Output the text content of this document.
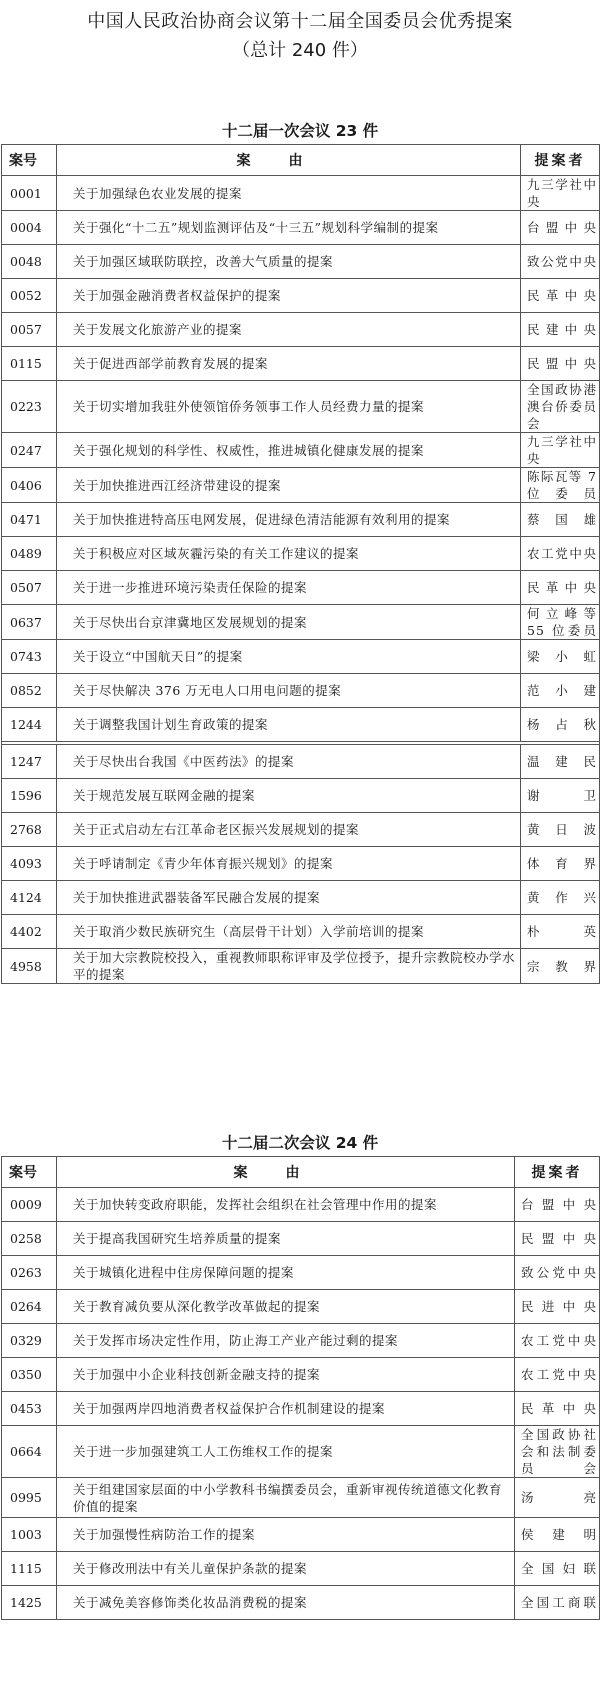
中国人民政治协商会议第十二届全国委员会优秀提案
（总计 240 件）
十二届一次会议 23 件
案号	案由	提案者
0001	关于加强绿色农业发展的提案	九三学社中央
0004	关于强化“十二五”规划监测评估及“十三五”规划科学编制的提案	台盟中央
0048	关于加强区域联防联控，改善大气质量的提案	致公党中央
0052	关于加强金融消费者权益保护的提案	民革中央
0057	关于发展文化旅游产业的提案	民建中央
0115	关于促进西部学前教育发展的提案	民盟中央
0223	关于切实增加我驻外使领馆侨务领事工作人员经费力量的提案	全国政协港澳台侨委员会
0247	关于强化规划的科学性、权威性，推进城镇化健康发展的提案	九三学社中央
0406	关于加快推进西江经济带建设的提案	陈际瓦等 7 位委员
0471	关于加快推进特高压电网发展，促进绿色清洁能源有效利用的提案	蔡国雄
0489	关于积极应对区域灰霾污染的有关工作建议的提案	农工党中央
0507	关于进一步推进环境污染责任保险的提案	民革中央
0637	关于尽快出台京津冀地区发展规划的提案	何立峰等 55 位委员
0743	关于设立“中国航天日”的提案	梁小虹
0852	关于尽快解决 376 万无电人口用电问题的提案	范小建
1244	关于调整我国计划生育政策的提案	杨占秋

1247	关于尽快出台我国《中医药法》的提案	温建民
1596	关于规范发展互联网金融的提案	谢卫
2768	关于正式启动左右江革命老区振兴发展规划的提案	黄日波
4093	关于呼请制定《青少年体育振兴规划》的提案	体育界
4124	关于加快推进武器装备军民融合发展的提案	黄作兴
4402	关于取消少数民族研究生（高层骨干计划）入学前培训的提案	朴英
4958	关于加大宗教院校投入，重视教师职称评审及学位授予，提升宗教院校办学水平的提案	宗教界
十二届二次会议 24 件
案号	案由	提案者
0009	关于加快转变政府职能，发挥社会组织在社会管理中作用的提案	台盟中央
0258	关于提高我国研究生培养质量的提案	民盟中央
0263	关于城镇化进程中住房保障问题的提案	致公党中央
0264	关于教育减负要从深化教学改革做起的提案	民进中央
0329	关于发挥市场决定性作用，防止海工产业产能过剩的提案	农工党中央
0350	关于加强中小企业科技创新金融支持的提案	农工党中央
0453	关于加强两岸四地消费者权益保护合作机制建设的提案	民革中央
0664	关于进一步加强建筑工人工伤维权工作的提案	全国政协社会和法制委员会
0995	关于组建国家层面的中小学教科书编撰委员会，重新审视传统道德文化教育价值的提案	汤亮
1003	关于加强慢性病防治工作的提案	侯建明
1115	关于修改刑法中有关儿童保护条款的提案	全国妇联
1425	关于减免美容修饰类化妆品消费税的提案	全国工商联
